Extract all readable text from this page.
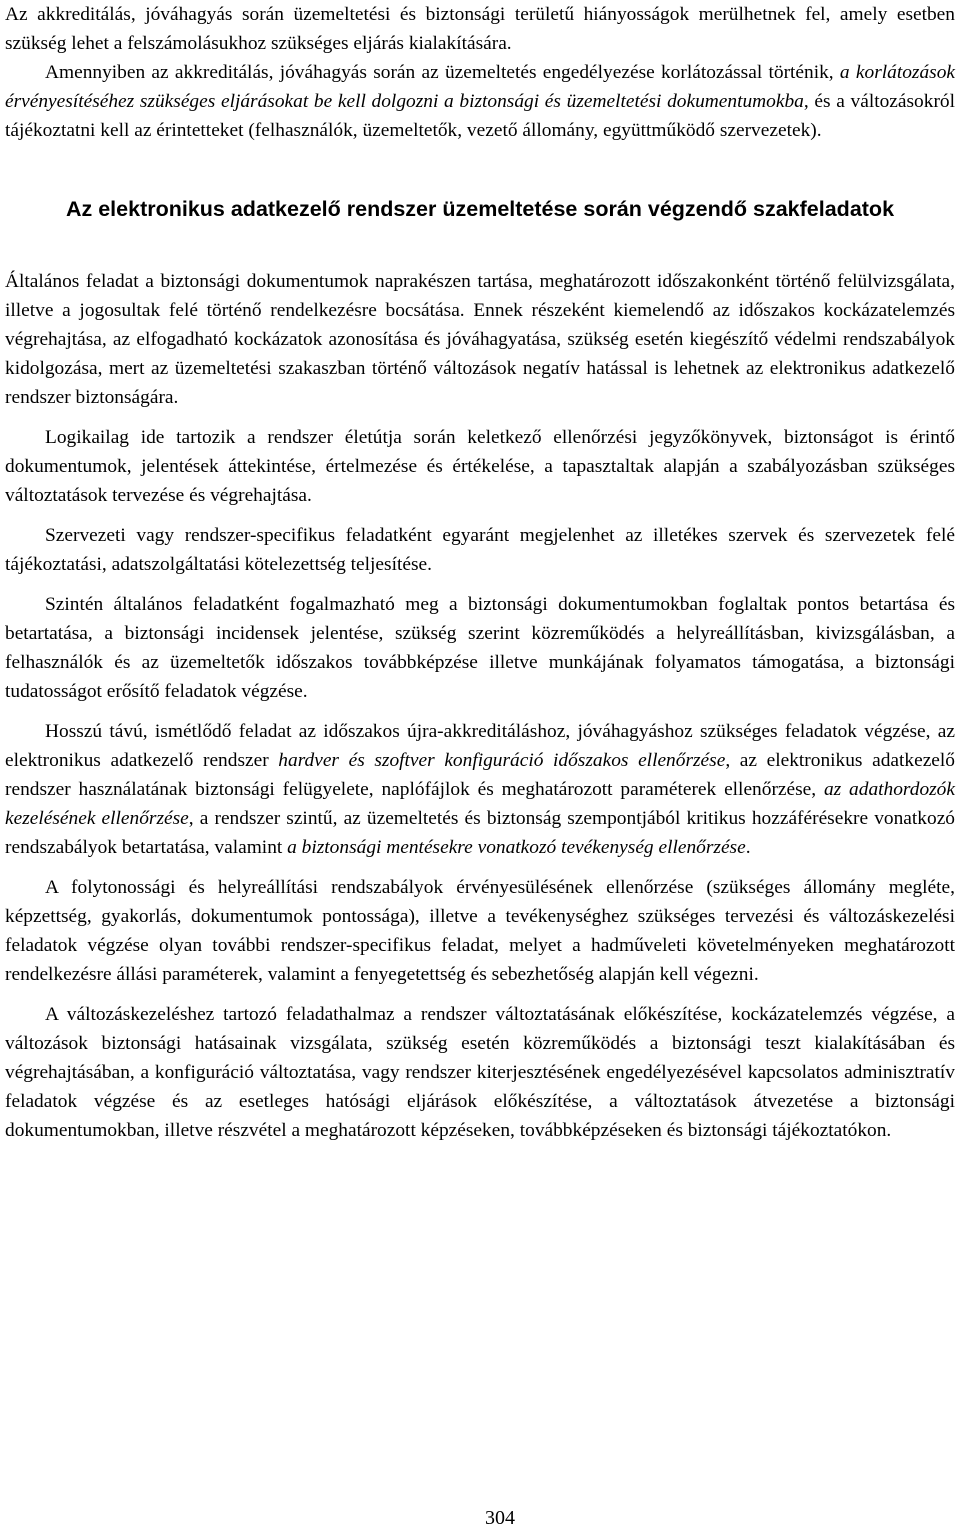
Az akkreditálás, jóváhagyás során üzemeltetési és biztonsági területű hiányosságok merülhetnek fel, amely esetben szükség lehet a felszámolásukhoz szükséges eljárás kialakítására.

Amennyiben az akkreditálás, jóváhagyás során az üzemeltetés engedélyezése korlátozással történik, a korlátozások érvényesítéséhez szükséges eljárásokat be kell dolgozni a biztonsági és üzemeltetési dokumentumokba, és a változásokról tájékoztatni kell az érintetteket (felhasználók, üzemeltetők, vezető állomány, együttműködő szervezetek).

Az elektronikus adatkezelő rendszer üzemeltetése során végzendő szakfeladatok

Általános feladat a biztonsági dokumentumok naprakészen tartása, meghatározott időszakonként történő felülvizsgálata, illetve a jogosultak felé történő rendelkezésre bocsátása. Ennek részeként kiemelendő az időszakos kockázatelemzés végrehajtása, az elfogadható kockázatok azonosítása és jóváhagyatása, szükség esetén kiegészítő védelmi rendszabályok kidolgozása, mert az üzemeltetési szakaszban történő változások negatív hatással is lehetnek az elektronikus adatkezelő rendszer biztonságára.

Logikailag ide tartozik a rendszer életútja során keletkező ellenőrzési jegyzőkönyvek, biztonságot is érintő dokumentumok, jelentések áttekintése, értelmezése és értékelése, a tapasztaltak alapján a szabályozásban szükséges változtatások tervezése és végrehajtása.

Szervezeti vagy rendszer-specifikus feladatként egyaránt megjelenhet az illetékes szervek és szervezetek felé tájékoztatási, adatszolgáltatási kötelezettség teljesítése.

Szintén általános feladatként fogalmazható meg a biztonsági dokumentumokban foglaltak pontos betartása és betartatása, a biztonsági incidensek jelentése, szükség szerint közreműködés a helyreállításban, kivizsgálásban, a felhasználók és az üzemeltetők időszakos továbbképzése illetve munkájának folyamatos támogatása, a biztonsági tudatosságot erősítő feladatok végzése.

Hosszú távú, ismétlődő feladat az időszakos újra-akkreditáláshoz, jóváhagyáshoz szükséges feladatok végzése, az elektronikus adatkezelő rendszer hardver és szoftver konfiguráció időszakos ellenőrzése, az elektronikus adatkezelő rendszer használatának biztonsági felügyelete, naplófájlok és meghatározott paraméterek ellenőrzése, az adathordozók kezelésének ellenőrzése, a rendszer szintű, az üzemeltetés és biztonság szempontjából kritikus hozzáférésekre vonatkozó rendszabályok betartatása, valamint a biztonsági mentésekre vonatkozó tevékenység ellenőrzése.

A folytonossági és helyreállítási rendszabályok érvényesülésének ellenőrzése (szükséges állomány megléte, képzettség, gyakorlás, dokumentumok pontossága), illetve a tevékenységhez szükséges tervezési és változáskezelési feladatok végzése olyan további rendszer-specifikus feladat, melyet a hadműveleti követelményeken meghatározott rendelkezésre állási paraméterek, valamint a fenyegetettség és sebezhetőség alapján kell végezni.

A változáskezeléshez tartozó feladathalmaz a rendszer változtatásának előkészítése, kockázatelemzés végzése, a változások biztonsági hatásainak vizsgálata, szükség esetén közreműködés a biztonsági teszt kialakításában és végrehajtásában, a konfiguráció változtatása, vagy rendszer kiterjesztésének engedélyezésével kapcsolatos adminisztratív feladatok végzése és az esetleges hatósági eljárások előkészítése, a változtatások átvezetése a biztonsági dokumentumokban, illetve részvétel a meghatározott képzéseken, továbbképzéseken és biztonsági tájékoztatókon.

304
